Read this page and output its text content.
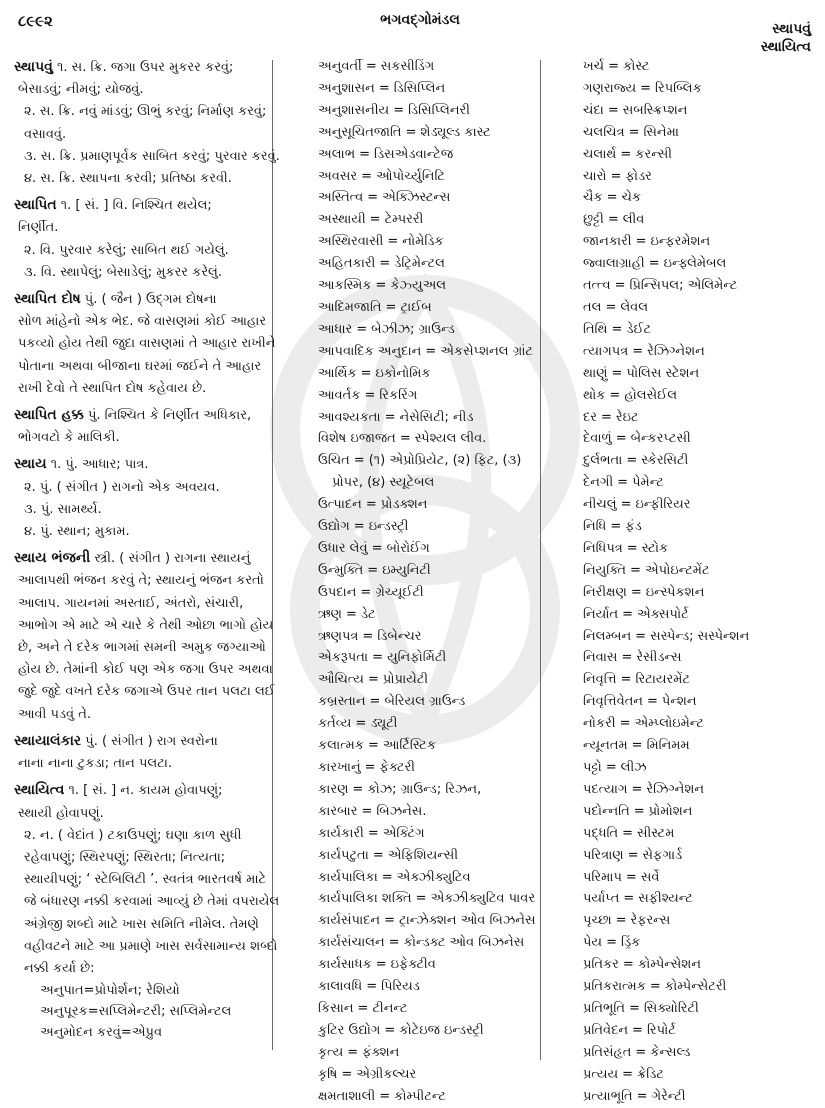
૮૯૯૨	ભગવદ્ગોમંડલ
સ્થાપવું
સ્થાયિત્વ
સ્થાપવું ૧. સ. ક્રિ. જગા ઉપર મુકરર કરવું;
બેસાડવું; નીમવું; યોજવું.
૨. સ. ક્રિ. નવું માંડવું; ઊભું કરવું; નિર્માણ કરવું; વસાવવું.
૩. સ. ક્રિ. પ્રમાણપૂર્વક સાબિત કરવું; પુરવાર કરવું.
૪. સ. ક્રિ. સ્થાપના કરવી; પ્રતિષ્ઠા કરવી.
સ્થાપિત ૧. [ સં. ] વિ. નિશ્ચિત થયેલ;
નિર્ણીત.
૨. વિ. પુરવાર કરેલું; સાબિત થઈ ગયેલું.
૩. વિ. સ્થાપેલું; બેસાડેલું; મુકરર કરેલું.
સ્થાપિત દોષ પું. ( જૈન ) ઉદ્ગમ દોષના
સોળ માંહેનો એક ભેદ. જે વાસણમાં કોઈ આહાર પકવ્યો હોય તેથી જુદા વાસણમાં તે આહાર રાખીને પોતાના અથવા બીજાના ઘરમાં જઈને તે આહાર રાખી દેવો તે સ્થાપિત દોષ કહેવાય છે.
સ્થાપિત હક્ક પું. નિશ્ચિત કે નિર્ણીત અધિકાર,
ભોગવટો કે માલિકી.
સ્થાય ૧. પું. આધાર; પાત્ર.
૨. પું. ( સંગીત ) રાગનો એક અવયવ.
૩. પું. સામર્થ્ય.
૪. પું. સ્થાન; મુકામ.
સ્થાય ભંજની સ્ત્રી. ( સંગીત ) રાગના સ્થાયનું
આલાપથી ભંજન કરવું તે; સ્થાયનું ભંજન કરતો આલાપ. ગાયનમાં અસ્તાઈ, અંતરો, સંચારી, આભોગ એ માટે એ ચારે કે તેથી ઓછા ભાગો હોય છે, અને તે દરેક ભાગમાં સમની અમુક જગ્યાઓ હોય છે. તેમાંની કોઈ પણ એક જગા ઉપર અથવા જુદે જુદે વખતે દરેક જગાએ ઉપર તાન પલટા લઈ આવી પડવું તે.
સ્થાયાલંકાર પું. ( સંગીત ) રાગ સ્વરોના
નાના નાના ટુકડા; તાન પલટા.
સ્થાયિત્વ ૧. [ સં. ] ન. કાયમ હોવાપણું;
સ્થાયી હોવાપણું.
૨. ન. ( વેદાંત ) ટકાઉપણું; ઘણા કાળ સુધી રહેવાપણું; સ્થિરપણું; સ્થિરતા; નિત્યતા; સ્થાયીપણું; ‘ સ્ટેબિલિટી ’. સ્વતંત્ર ભારતવર્ષ માટે જે બંધારણ નક્કી કરવામાં આવ્યું છે તેમાં વપરાયેલ અંગ્રેજી શબ્દો માટે ખાસ સમિતિ નીમેલ. તેમણે વહીવટને માટે આ પ્રમાણે ખાસ સર્વસામાન્ય શબ્દો નક્કી કર્યા છે:
અનુપાત=પ્રોપોર્શન; રેશિયો
અનુપૂરક=સપ્લિમેન્ટરી; સપ્લિમેન્ટલ
અનુમોદન કરવું=એપ્રુવ
અનુવર્તી = સકસીડિંગ
અનુશાસન = ડિસિપ્લિન
અનુશાસનીય = ડિસિપ્લિનરી
અનુસૂચિતજાતિ = શેડ્યૂલ્ડ કાસ્ટ
અલાભ = ડિસએડવાન્ટેજ
અવસર = ઓપોર્ચ્યુનિટિ
અસ્તિત્વ = એક્ઝિસ્ટન્સ
અસ્થાયી = ટેમ્પરરી
અસ્થિરવાસી = નોમેડિક
અહિતકારી = ડેટ્રિમેન્ટલ
આકસ્મિક = કેઝ્યુઅલ
આદિમજાતિ = ટ્રાઈબ
આધાર = બેઝીઝ; ગ્રાઉન્ડ
આપવાદિક અનુદાન = એકસેપ્શનલ ગ્રાંટ
આર્થિક = ઇકોનોમિક
આવર્તક = રિકરિંગ
આવશ્યકતા = નેસેસિટી; નીડ
વિશેષ ઇજાજત = સ્પેશ્યલ લીવ.
ઉચિત = (૧) એપ્રોપ્રિયેટ, (૨) ફિટ, (૩)
પ્રોપર, (૪) સ્યૂટેબલ
ઉત્પાદન = પ્રોડક્શન
ઉદ્યોગ = ઇન્ડસ્ટ્રી
ઉધાર લેવું = બોરોઈંગ
ઉન્મુક્તિ = ઇમ્યુનિટી
ઉપદાન = ગ્રેચ્યૂઈટી
ઋણ = ડેટ
ઋણપત્ર = ડિબેન્ચર
એકરૂપતા = યુનિફોર્મિટી
ઔચિત્ય = પ્રોપ્રાયેટી
કબ્રસ્તાન = બેરિયલ ગ્રાઉન્ડ
કર્તવ્ય = ડ્યૂટી
કલાત્મક = આર્ટિસ્ટિક
કારખાનું = ફેક્ટરી
કારણ = કોઝ; ગ્રાઉન્ડ; રિઝન,
કારબાર = બિઝનેસ.
કાર્યકારી = એક્ટિંગ
કાર્યપટુતા = એફિશિયન્સી
કાર્યપાલિકા = એક્ઝીક્યુટિવ
કાર્યપાલિકા શક્તિ = એક્ઝીક્યુટિવ પાવર
કાર્યસંપાદન = ટ્રાન્ઝેક્શન ઓવ બિઝનેસ
કાર્યસંચાલન = કોન્ડક્ટ ઓવ બિઝનેસ
કાર્યસાધક = ઇફેક્ટીવ
કાલાવધિ = પિરિયડ
કિસાન = ટીનન્ટ
કુટિર ઉદ્યોગ = કોટેઇજ ઇન્ડસ્ટ્રી
કૃત્ય = ફંક્શન
કૃષિ = એગ્રીકલ્ચર
ક્ષમતાશાલી = કોમ્પીટન્ટ
ખર્ચ = કોસ્ટ
ગણરાજ્ય = રિપબ્લિક
ચંદા = સબસ્ક્રિપ્શન
ચલચિત્ર = સિનેમા
ચલાર્થ = કરન્સી
ચારો = ફોડર
ચૈક = ચેક
છુટ્ટી = લીવ
જાનકારી = ઇન્ફરમેશન
જ્વાલાગ્રાહી = ઇન્ફ્લેમેબલ
તત્ત્વ = પ્રિન્સિપલ; એલિમેન્ટ
તલ = લેવલ
તિથિ = ડેઈટ
ત્યાગપત્ર = રેઝિગ્નેશન
થાણું = પોલિસ સ્ટેશન
થોક = હોલસેઈલ
દર = રેઇટ
દેવાળું = બેન્કરપ્ટસી
દુર્લભતા = સ્કેરસિટી
દેનગી = પેમેન્ટ
નીચલું = ઇન્ફીરિયર
નિધિ = ફંડ
નિધિપત્ર = સ્ટોક
નિયુક્તિ = એપોઇન્ટમેંટ
નિરીક્ષણ = ઇન્સ્પેકશન
નિર્યાત = એક્સપોર્ટ
નિલમ્બન = સસ્પેન્ડ; સસ્પેન્શન
નિવાસ = રેસીડન્સ
નિવૃત્તિ = રિટાયરમેંટ
નિવૃત્તિવેતન = પેન્શન
નોકરી = એમ્પ્લોઇમેન્ટ
ન્યૂનતમ = મિનિમમ
પટ્ટો = લીઝ
પદત્યાગ = રેઝિગ્નેશન
પદોન્નતિ = પ્રોમોશન
પદ્ધતિ = સીસ્ટમ
પરિત્રાણ = સેફગાર્ડ
પરિમાપ = સર્વે
પર્યાપ્ત = સફીશ્યન્ટ
પૃચ્છા = રેફરન્સ
પેય = ડ્રિંક
પ્રતિકર = કોમ્પેન્સેશન
પ્રતિકરાત્મક = કોમ્પેન્સેટરી
પ્રતિભૂતિ = સિક્યોરિટી
પ્રતિવેદન = રિપોર્ટ
પ્રતિસંહૃત = કેન્સલ્ડ
પ્રત્યય = ક્રેડિટ
પ્રત્યાભૂતિ = ગેરેન્ટી
